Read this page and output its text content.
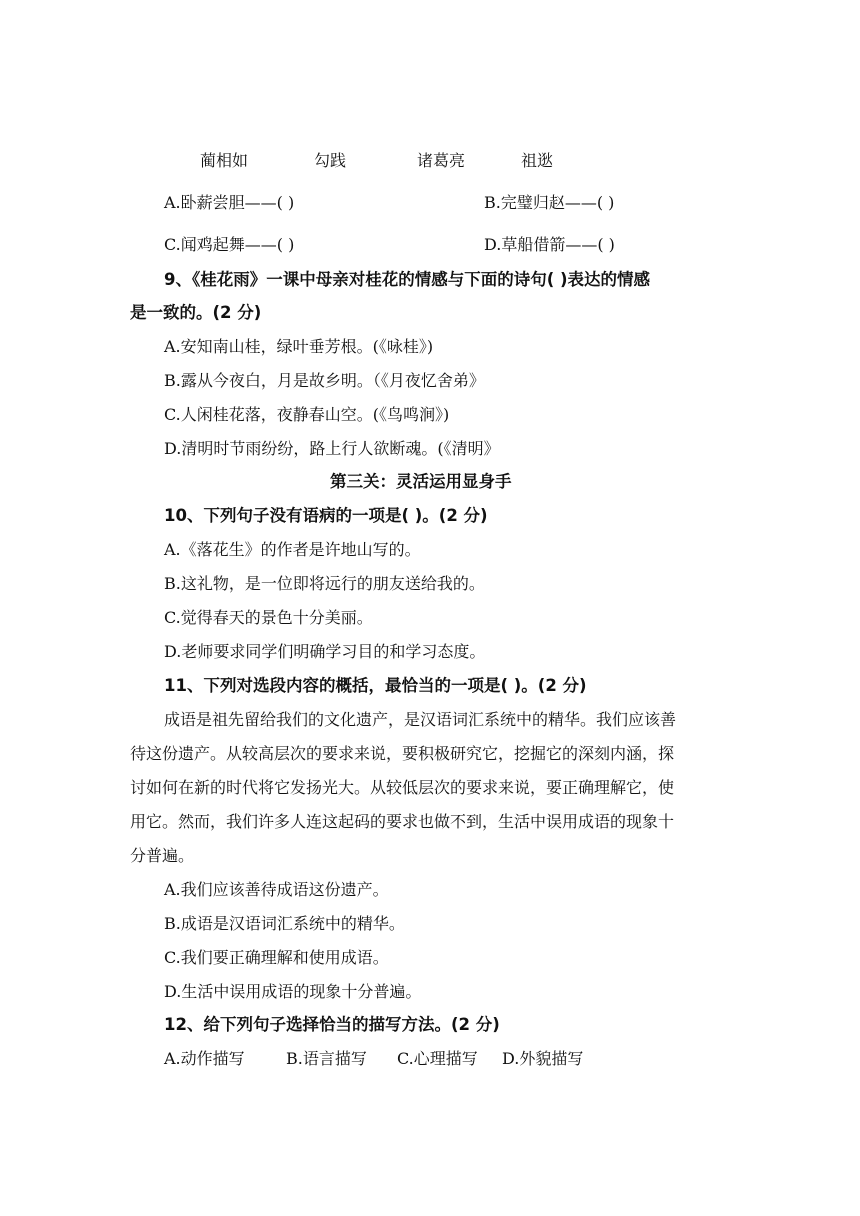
蔺相如	勾践	诸葛亮	祖逖
A.卧薪尝胆——( )	B.完璧归赵——( )
C.闻鸡起舞——( )	D.草船借箭——( )
9、《桂花雨》一课中母亲对桂花的情感与下面的诗句( )表达的情感
是一致的。(2 分)
A.安知南山桂，绿叶垂芳根。(《咏桂》)
B.露从今夜白，月是故乡明。（《月夜忆舍弟》
C.人闲桂花落，夜静春山空。(《鸟鸣涧》)
D.清明时节雨纷纷，路上行人欲断魂。(《清明》
第三关：灵活运用显身手
10、下列句子没有语病的一项是( )。(2 分)
A.《落花生》的作者是许地山写的。
B.这礼物，是一位即将远行的朋友送给我的。
C.觉得春天的景色十分美丽。
D.老师要求同学们明确学习目的和学习态度。
11、下列对选段内容的概括，最恰当的一项是( )。(2 分)
成语是祖先留给我们的文化遗产，是汉语词汇系统中的精华。我们应该善
待这份遗产。从较高层次的要求来说，要积极研究它，挖掘它的深刻内涵，探
讨如何在新的时代将它发扬光大。从较低层次的要求来说，要正确理解它，使
用它。然而，我们许多人连这起码的要求也做不到，生活中误用成语的现象十
分普遍。
A.我们应该善待成语这份遗产。
B.成语是汉语词汇系统中的精华。
C.我们要正确理解和使用成语。
D.生活中误用成语的现象十分普遍。
12、给下列句子选择恰当的描写方法。(2 分)
A.动作描写	B.语言描写 C.心理描写 D.外貌描写
